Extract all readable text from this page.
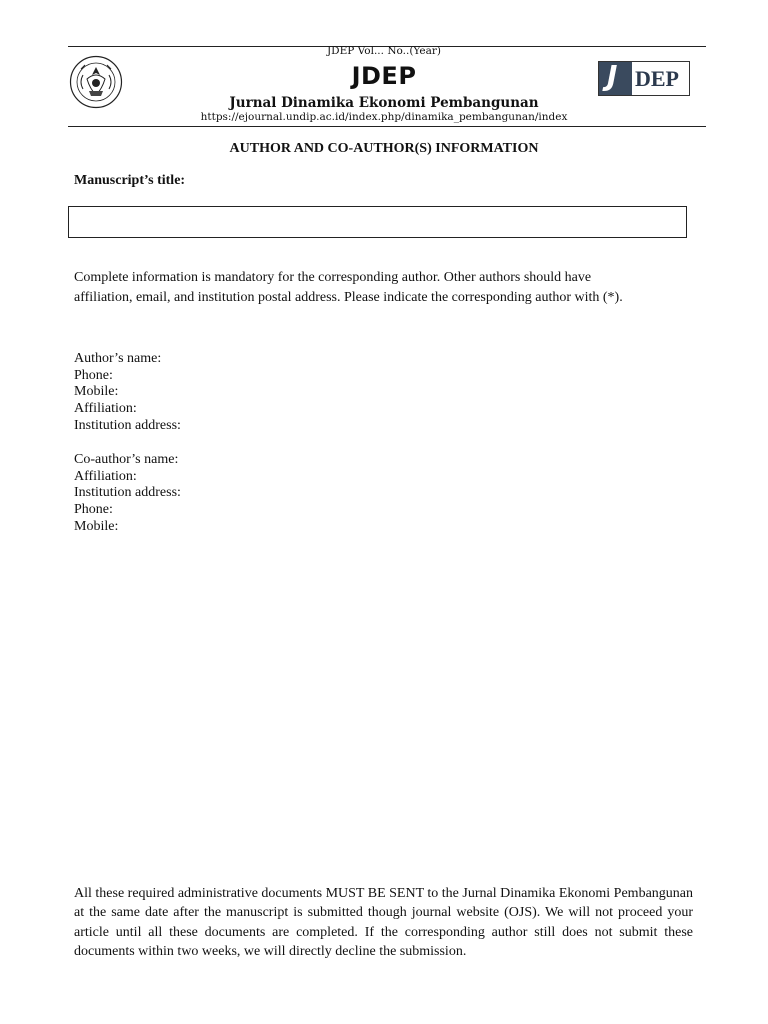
JDEP Vol... No..(Year)
JDEP
Jurnal Dinamika Ekonomi Pembangunan
https://ejournal.undip.ac.id/index.php/dinamika_pembangunan/index
J DEP
AUTHOR AND CO-AUTHOR(S) INFORMATION
Manuscript’s title:
Complete information is mandatory for the corresponding author. Other authors should have
affiliation, email, and institution postal address. Please indicate the corresponding author with (*).
Author’s name:
Phone:
Mobile:
Affiliation:
Institution address:
Co-author’s name:
Affiliation:
Institution address:
Phone:
Mobile:
All these required administrative documents MUST BE SENT to the Jurnal Dinamika Ekonomi Pembangunan at the same date after the manuscript is submitted though journal website (OJS). We will not proceed your article until all these documents are completed. If the corresponding author still does not submit these documents within two weeks, we will directly decline the submission.
